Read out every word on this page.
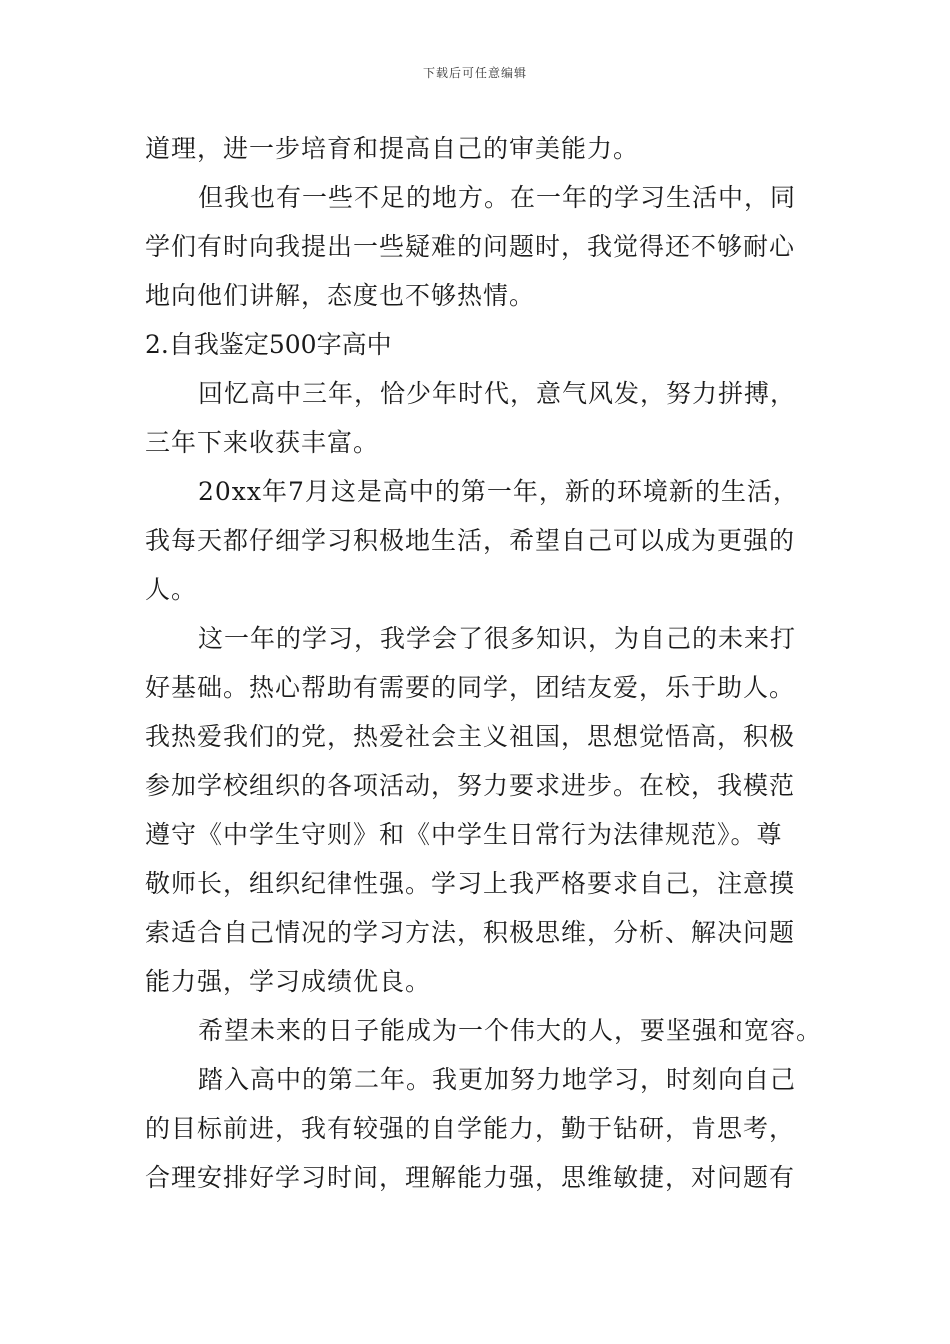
下载后可任意编辑
道理，进一步培育和提高自己的审美能力。
但我也有一些不足的地方。在一年的学习生活中，同
学们有时向我提出一些疑难的问题时，我觉得还不够耐心
地向他们讲解，态度也不够热情。
2.自我鉴定500字高中
回忆高中三年，恰少年时代，意气风发，努力拼搏，
三年下来收获丰富。
20xx年7月这是高中的第一年，新的环境新的生活，
我每天都仔细学习积极地生活，希望自己可以成为更强的
人。
这一年的学习，我学会了很多知识，为自己的未来打
好基础。热心帮助有需要的同学，团结友爱，乐于助人。
我热爱我们的党，热爱社会主义祖国，思想觉悟高，积极
参加学校组织的各项活动，努力要求进步。在校，我模范
遵守《中学生守则》和《中学生日常行为法律规范》。尊
敬师长，组织纪律性强。学习上我严格要求自己，注意摸
索适合自己情况的学习方法，积极思维，分析、解决问题
能力强，学习成绩优良。
希望未来的日子能成为一个伟大的人，要坚强和宽容。
踏入高中的第二年。我更加努力地学习，时刻向自己
的目标前进，我有较强的自学能力，勤于钻研，肯思考，
合理安排好学习时间，理解能力强，思维敏捷，对问题有
